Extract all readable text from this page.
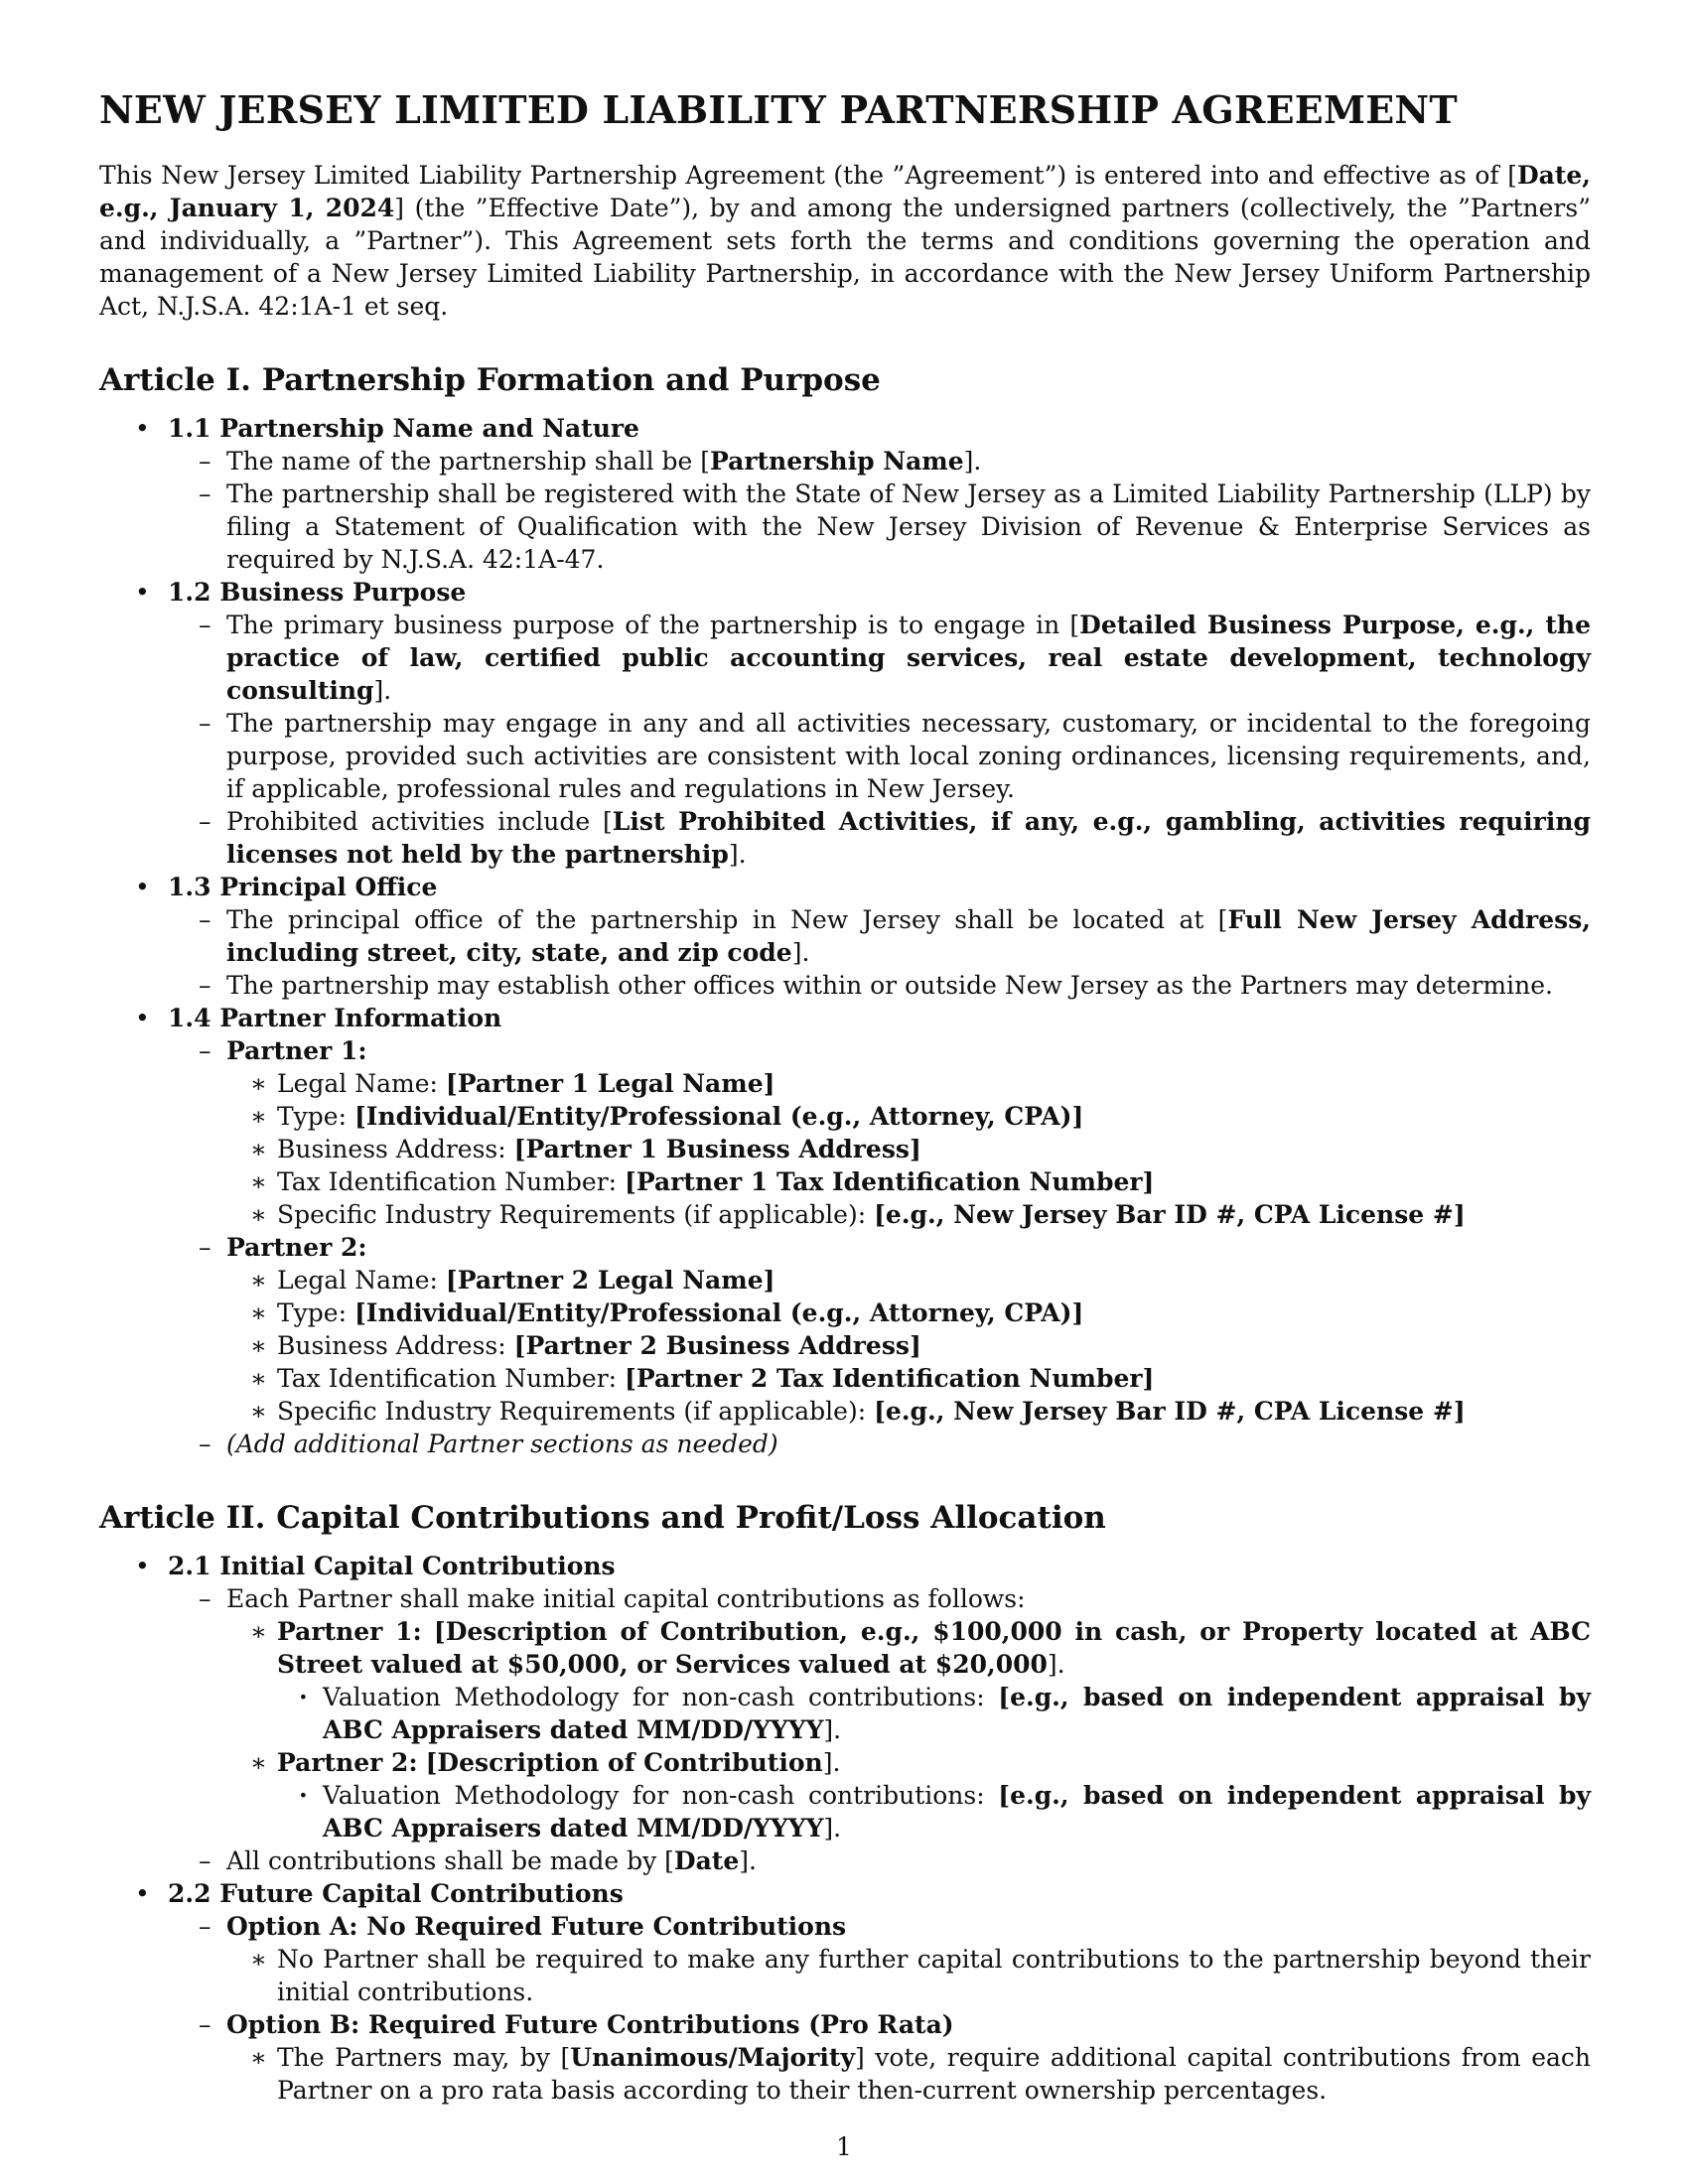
NEW JERSEY LIMITED LIABILITY PARTNERSHIP AGREEMENT

This New Jersey Limited Liability Partnership Agreement (the ”Agreement”) is entered into and effective as of [Date, e.g., January 1, 2024] (the ”Effective Date”), by and among the undersigned partners (collectively, the ”Partners” and individually, a ”Partner”). This Agreement sets forth the terms and conditions governing the operation and management of a New Jersey Limited Liability Partnership, in accordance with the New Jersey Uniform Partnership Act, N.J.S.A. 42:1A-1 et seq.

Article I. Partnership Formation and Purpose
• 1.1 Partnership Name and Nature
– The name of the partnership shall be [Partnership Name].
– The partnership shall be registered with the State of New Jersey as a Limited Liability Partnership (LLP) by filing a Statement of Qualification with the New Jersey Division of Revenue & Enterprise Services as required by N.J.S.A. 42:1A-47.
• 1.2 Business Purpose
– The primary business purpose of the partnership is to engage in [Detailed Business Purpose, e.g., the practice of law, certified public accounting services, real estate development, technology consulting].
– The partnership may engage in any and all activities necessary, customary, or incidental to the foregoing purpose, provided such activities are consistent with local zoning ordinances, licensing requirements, and, if applicable, professional rules and regulations in New Jersey.
– Prohibited activities include [List Prohibited Activities, if any, e.g., gambling, activities requiring licenses not held by the partnership].
• 1.3 Principal Office
– The principal office of the partnership in New Jersey shall be located at [Full New Jersey Address, including street, city, state, and zip code].
– The partnership may establish other offices within or outside New Jersey as the Partners may determine.
• 1.4 Partner Information
– Partner 1:
∗ Legal Name: [Partner 1 Legal Name]
∗ Type: [Individual/Entity/Professional (e.g., Attorney, CPA)]
∗ Business Address: [Partner 1 Business Address]
∗ Tax Identification Number: [Partner 1 Tax Identification Number]
∗ Specific Industry Requirements (if applicable): [e.g., New Jersey Bar ID #, CPA License #]
– Partner 2:
∗ Legal Name: [Partner 2 Legal Name]
∗ Type: [Individual/Entity/Professional (e.g., Attorney, CPA)]
∗ Business Address: [Partner 2 Business Address]
∗ Tax Identification Number: [Partner 2 Tax Identification Number]
∗ Specific Industry Requirements (if applicable): [e.g., New Jersey Bar ID #, CPA License #]
– (Add additional Partner sections as needed)
Article II. Capital Contributions and Profit/Loss Allocation
• 2.1 Initial Capital Contributions
– Each Partner shall make initial capital contributions as follows:
∗ Partner 1: [Description of Contribution, e.g., $100,000 in cash, or Property located at ABC Street valued at $50,000, or Services valued at $20,000].
· Valuation Methodology for non-cash contributions: [e.g., based on independent appraisal by ABC Appraisers dated MM/DD/YYYY].
∗ Partner 2: [Description of Contribution].
· Valuation Methodology for non-cash contributions: [e.g., based on independent appraisal by ABC Appraisers dated MM/DD/YYYY].
– All contributions shall be made by [Date].
• 2.2 Future Capital Contributions
– Option A: No Required Future Contributions
∗ No Partner shall be required to make any further capital contributions to the partnership beyond their initial contributions.
– Option B: Required Future Contributions (Pro Rata)
∗ The Partners may, by [Unanimous/Majority] vote, require additional capital contributions from each Partner on a pro rata basis according to their then-current ownership percentages.
1
